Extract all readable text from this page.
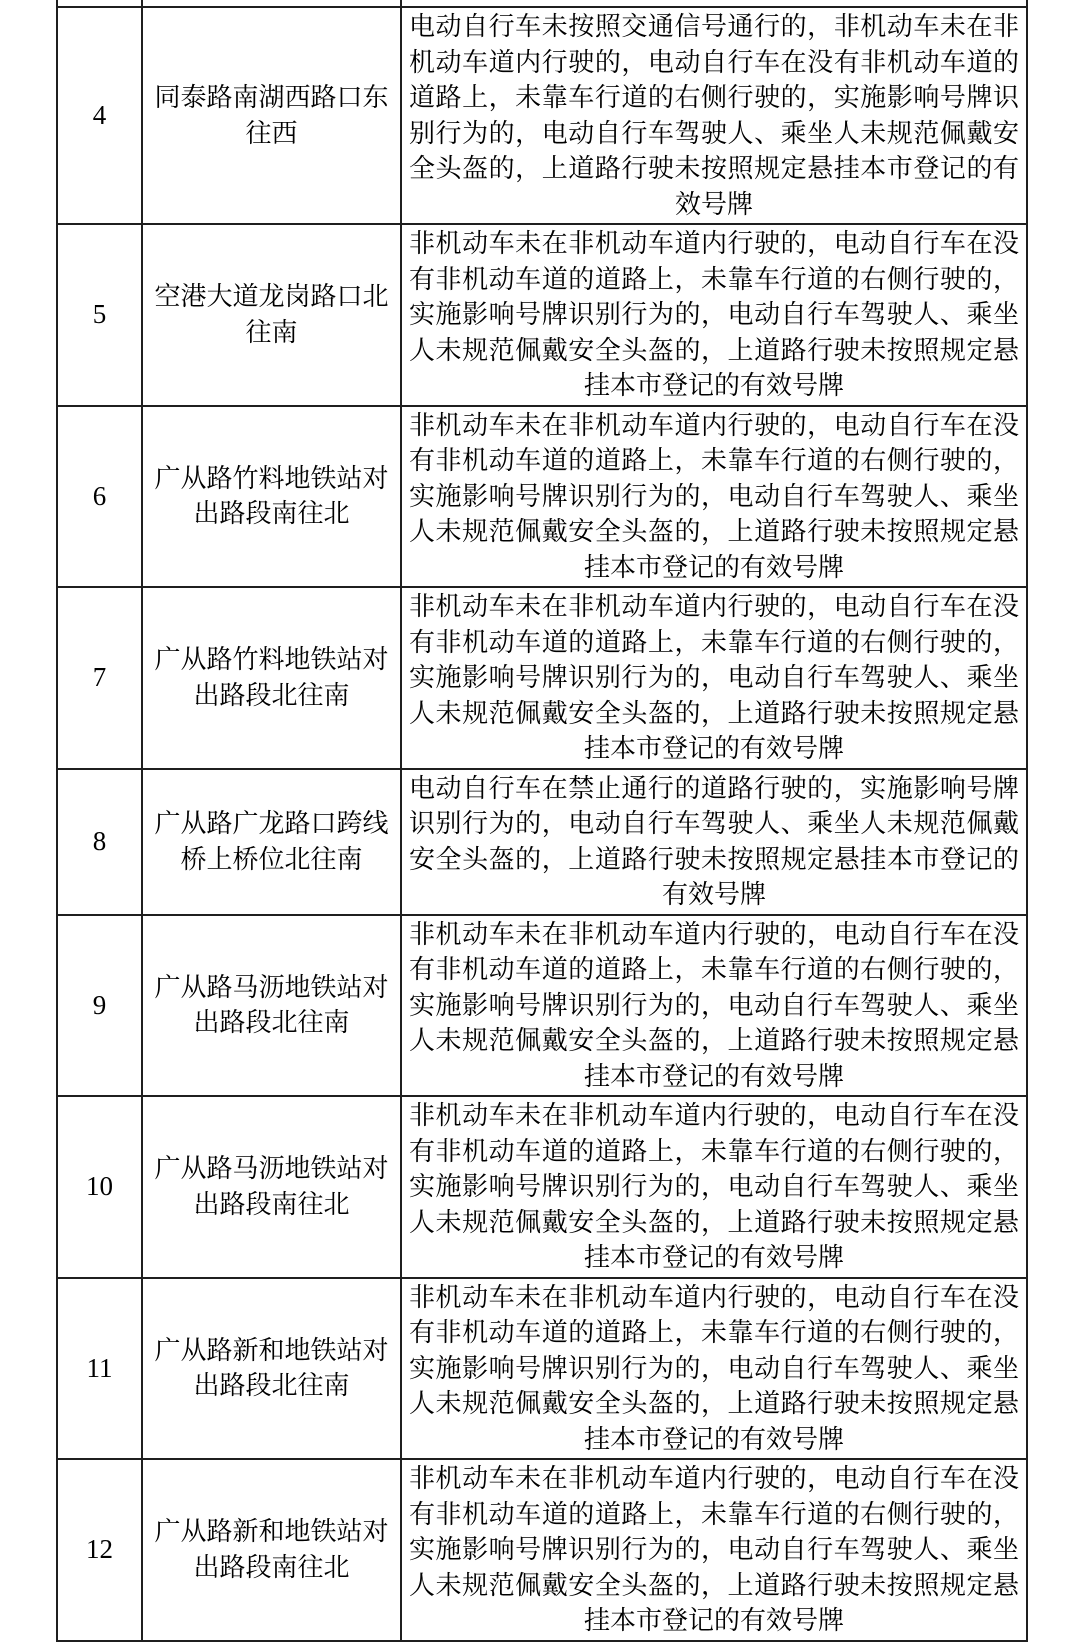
4	同泰路南湖西路口东往西	电动自行车未按照交通信号通行的，非机动车未在非机动车道内行驶的，电动自行车在没有非机动车道的道路上，未靠车行道的右侧行驶的，实施影响号牌识别行为的，电动自行车驾驶人、乘坐人未规范佩戴安全头盔的，上道路行驶未按照规定悬挂本市登记的有效号牌
5	空港大道龙岗路口北往南	非机动车未在非机动车道内行驶的，电动自行车在没有非机动车道的道路上，未靠车行道的右侧行驶的，实施影响号牌识别行为的，电动自行车驾驶人、乘坐人未规范佩戴安全头盔的，上道路行驶未按照规定悬挂本市登记的有效号牌
6	广从路竹料地铁站对出路段南往北	非机动车未在非机动车道内行驶的，电动自行车在没有非机动车道的道路上，未靠车行道的右侧行驶的，实施影响号牌识别行为的，电动自行车驾驶人、乘坐人未规范佩戴安全头盔的，上道路行驶未按照规定悬挂本市登记的有效号牌
7	广从路竹料地铁站对出路段北往南	非机动车未在非机动车道内行驶的，电动自行车在没有非机动车道的道路上，未靠车行道的右侧行驶的，实施影响号牌识别行为的，电动自行车驾驶人、乘坐人未规范佩戴安全头盔的，上道路行驶未按照规定悬挂本市登记的有效号牌
8	广从路广龙路口跨线桥上桥位北往南	电动自行车在禁止通行的道路行驶的，实施影响号牌识别行为的，电动自行车驾驶人、乘坐人未规范佩戴安全头盔的，上道路行驶未按照规定悬挂本市登记的有效号牌
9	广从路马沥地铁站对出路段北往南	非机动车未在非机动车道内行驶的，电动自行车在没有非机动车道的道路上，未靠车行道的右侧行驶的，实施影响号牌识别行为的，电动自行车驾驶人、乘坐人未规范佩戴安全头盔的，上道路行驶未按照规定悬挂本市登记的有效号牌
10	广从路马沥地铁站对出路段南往北	非机动车未在非机动车道内行驶的，电动自行车在没有非机动车道的道路上，未靠车行道的右侧行驶的，实施影响号牌识别行为的，电动自行车驾驶人、乘坐人未规范佩戴安全头盔的，上道路行驶未按照规定悬挂本市登记的有效号牌
11	广从路新和地铁站对出路段北往南	非机动车未在非机动车道内行驶的，电动自行车在没有非机动车道的道路上，未靠车行道的右侧行驶的，实施影响号牌识别行为的，电动自行车驾驶人、乘坐人未规范佩戴安全头盔的，上道路行驶未按照规定悬挂本市登记的有效号牌
12	广从路新和地铁站对出路段南往北	非机动车未在非机动车道内行驶的，电动自行车在没有非机动车道的道路上，未靠车行道的右侧行驶的，实施影响号牌识别行为的，电动自行车驾驶人、乘坐人未规范佩戴安全头盔的，上道路行驶未按照规定悬挂本市登记的有效号牌
